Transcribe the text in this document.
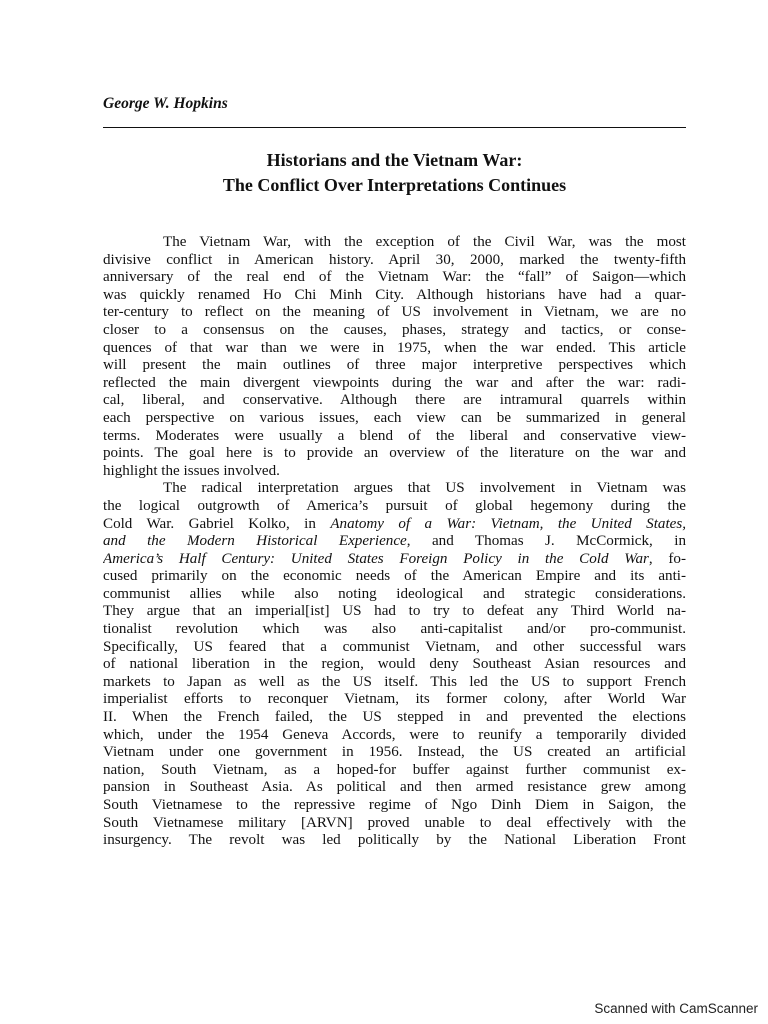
George W. Hopkins
Historians and the Vietnam War:
The Conflict Over Interpretations Continues
The Vietnam War, with the exception of the Civil War, was the most
divisive conflict in American history. April 30, 2000, marked the twenty-fifth
anniversary of the real end of the Vietnam War: the “fall” of Saigon—which
was quickly renamed Ho Chi Minh City. Although historians have had a quar-
ter-century to reflect on the meaning of US involvement in Vietnam, we are no
closer to a consensus on the causes, phases, strategy and tactics, or conse-
quences of that war than we were in 1975, when the war ended. This article
will present the main outlines of three major interpretive perspectives which
reflected the main divergent viewpoints during the war and after the war: radi-
cal, liberal, and conservative. Although there are intramural quarrels within
each perspective on various issues, each view can be summarized in general
terms. Moderates were usually a blend of the liberal and conservative view-
points. The goal here is to provide an overview of the literature on the war and
highlight the issues involved.
The radical interpretation argues that US involvement in Vietnam was
the logical outgrowth of America’s pursuit of global hegemony during the
Cold War. Gabriel Kolko, in Anatomy of a War: Vietnam, the United States,
and the Modern Historical Experience, and Thomas J. McCormick, in
America’s Half Century: United States Foreign Policy in the Cold War, fo-
cused primarily on the economic needs of the American Empire and its anti-
communist allies while also noting ideological and strategic considerations.
They argue that an imperial[ist] US had to try to defeat any Third World na-
tionalist revolution which was also anti-capitalist and/or pro-communist.
Specifically, US feared that a communist Vietnam, and other successful wars
of national liberation in the region, would deny Southeast Asian resources and
markets to Japan as well as the US itself. This led the US to support French
imperialist efforts to reconquer Vietnam, its former colony, after World War
II. When the French failed, the US stepped in and prevented the elections
which, under the 1954 Geneva Accords, were to reunify a temporarily divided
Vietnam under one government in 1956. Instead, the US created an artificial
nation, South Vietnam, as a hoped-for buffer against further communist ex-
pansion in Southeast Asia. As political and then armed resistance grew among
South Vietnamese to the repressive regime of Ngo Dinh Diem in Saigon, the
South Vietnamese military [ARVN] proved unable to deal effectively with the
insurgency. The revolt was led politically by the National Liberation Front
Scanned with CamScanner
